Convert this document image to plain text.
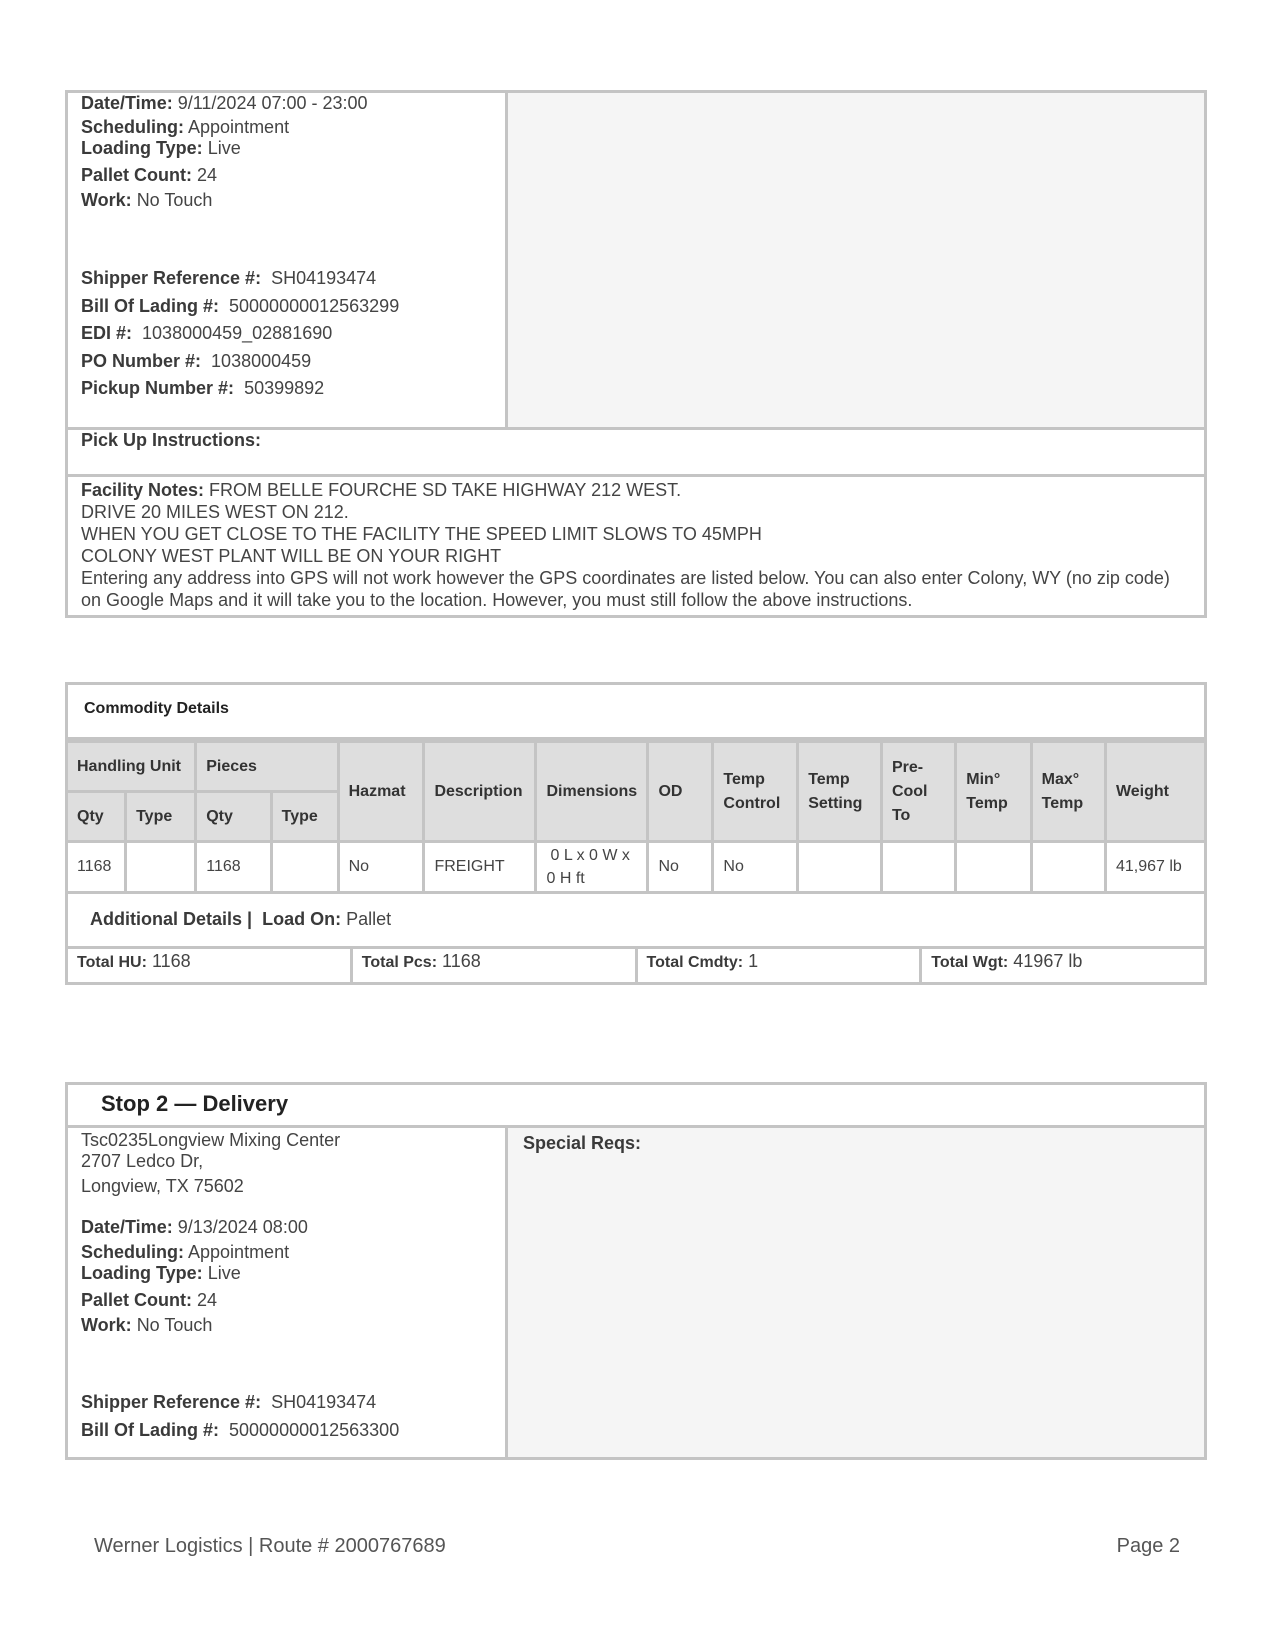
Date/Time: 9/11/2024 07:00 - 23:00
Scheduling: Appointment
Loading Type: Live
Pallet Count: 24
Work: No Touch
Shipper Reference #: SH04193474
Bill Of Lading #: 50000000012563299
EDI #: 1038000459_02881690
PO Number #: 1038000459
Pickup Number #: 50399892
Pick Up Instructions:
Facility Notes: FROM BELLE FOURCHE SD TAKE HIGHWAY 212 WEST.
DRIVE 20 MILES WEST ON 212.
WHEN YOU GET CLOSE TO THE FACILITY THE SPEED LIMIT SLOWS TO 45MPH
COLONY WEST PLANT WILL BE ON YOUR RIGHT
Entering any address into GPS will not work however the GPS coordinates are listed below. You can also enter Colony, WY (no zip code)
on Google Maps and it will take you to the location. However, you must still follow the above instructions.
Commodity Details
Handling Unit		Pieces		Hazmat	Description	Dimensions	OD	Temp Control	Temp Setting	Pre-Cool To	Min° Temp	Max° Temp	Weight
Qty	Type	Qty	Type										
1168		1168		No	FREIGHT	0 L x 0 W x
0 H ft	No	No					41,967 lb
Additional Details | Load On: Pallet
Total HU: 1168	Total Pcs: 1168	Total Cmdty: 1	Total Wgt: 41967 lb
Stop 2 — Delivery
Tsc0235Longview Mixing Center
2707 Ledco Dr,
Longview, TX 75602
Date/Time: 9/13/2024 08:00
Scheduling: Appointment
Loading Type: Live
Pallet Count: 24
Work: No Touch
Shipper Reference #: SH04193474
Bill Of Lading #: 50000000012563300
Special Reqs:
Werner Logistics | Route # 2000767689	Page 2
